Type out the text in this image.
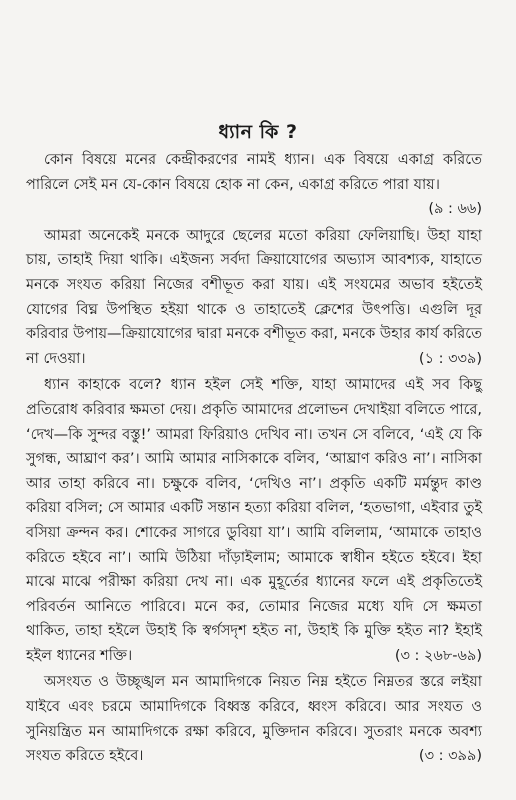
ধ্যান কি ?

কোন বিষয়ে মনের কেন্দ্রীকরণের নামই ধ্যান। এক বিষয়ে একাগ্র করিতে পারিলে সেই মন যে-কোন বিষয়ে হোক না কেন, একাগ্র করিতে পারা যায়।
(৯ : ৬৬)

আমরা অনেকেই মনকে আদুরে ছেলের মতো করিয়া ফেলিয়াছি। উহা যাহা চায়, তাহাই দিয়া থাকি। এইজন্য সর্বদা ক্রিয়াযোগের অভ্যাস আবশ্যক, যাহাতে মনকে সংযত করিয়া নিজের বশীভূত করা যায়। এই সংযমের অভাব হইতেই যোগের বিঘ্ন উপস্থিত হইয়া থাকে ও তাহাতেই ক্লেশের উৎপত্তি। এগুলি দূর করিবার উপায়—ক্রিয়াযোগের দ্বারা মনকে বশীভূত করা, মনকে উহার কার্য করিতে না দেওয়া।	(১ : ৩৩৯)

ধ্যান কাহাকে বলে? ধ্যান হইল সেই শক্তি, যাহা আমাদের এই সব কিছু প্রতিরোধ করিবার ক্ষমতা দেয়। প্রকৃতি আমাদের প্রলোভন দেখাইয়া বলিতে পারে, ‘দেখ—কি সুন্দর বস্তু!’ আমরা ফিরিয়াও দেখিব না। তখন সে বলিবে, ‘এই যে কি সুগন্ধ, আঘ্রাণ কর’। আমি আমার নাসিকাকে বলিব, ‘আঘ্রাণ করিও না’। নাসিকা আর তাহা করিবে না। চক্ষুকে বলিব, ‘দেখিও না’। প্রকৃতি একটি মর্মন্তুদ কাণ্ড করিয়া বসিল; সে আমার একটি সন্তান হত্যা করিয়া বলিল, ‘হতভাগা, এইবার তুই বসিয়া ক্রন্দন কর। শোকের সাগরে ডুবিয়া যা’। আমি বলিলাম, ‘আমাকে তাহাও করিতে হইবে না’। আমি উঠিয়া দাঁড়াইলাম; আমাকে স্বাধীন হইতে হইবে। ইহা মাঝে মাঝে পরীক্ষা করিয়া দেখ না। এক মুহূর্তের ধ্যানের ফলে এই প্রকৃতিতেই পরিবর্তন আনিতে পারিবে। মনে কর, তোমার নিজের মধ্যে যদি সে ক্ষমতা থাকিত, তাহা হইলে উহাই কি স্বর্গসদৃশ হইত না, উহাই কি মুক্তি হইত না? ইহাই হইল ধ্যানের শক্তি।	(৩ : ২৬৮-৬৯)

অসংযত ও উচ্ছৃঙ্খল মন আমাদিগকে নিয়ত নিম্ন হইতে নিম্নতর স্তরে লইয়া যাইবে এবং চরমে আমাদিগকে বিধ্বস্ত করিবে, ধ্বংস করিবে। আর সংযত ও সুনিয়ন্ত্রিত মন আমাদিগকে রক্ষা করিবে, মুক্তিদান করিবে। সুতরাং মনকে অবশ্য সংযত করিতে হইবে।	(৩ : ৩৯৯)
